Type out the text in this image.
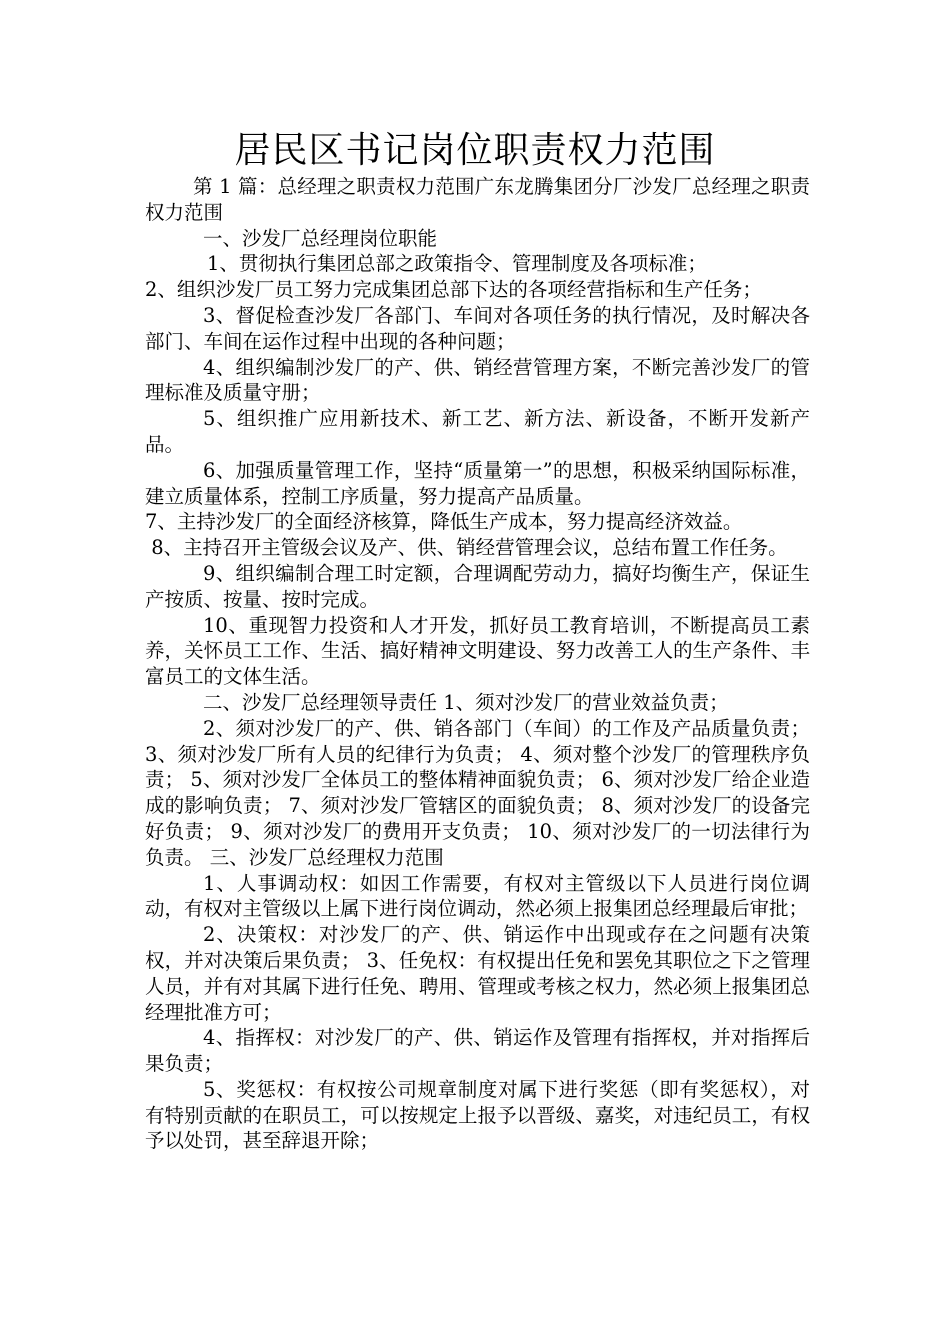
居民区书记岗位职责权力范围

第 1 篇：总经理之职责权力范围广东龙腾集团分厂沙发厂总经理之职责权力范围

一、沙发厂总经理岗位职能

1、贯彻执行集团总部之政策指令、管理制度及各项标准；

2、组织沙发厂员工努力完成集团总部下达的各项经营指标和生产任务；

3、督促检查沙发厂各部门、车间对各项任务的执行情况，及时解决各部门、车间在运作过程中出现的各种问题；

4、组织编制沙发厂的产、供、销经营管理方案，不断完善沙发厂的管理标准及质量守册；

5、组织推广应用新技术、新工艺、新方法、新设备，不断开发新产品。

6、加强质量管理工作，坚持“质量第一”的思想，积极采纳国际标准，建立质量体系，控制工序质量，努力提高产品质量。

7、主持沙发厂的全面经济核算，降低生产成本，努力提高经济效益。

8、主持召开主管级会议及产、供、销经营管理会议，总结布置工作任务。

9、组织编制合理工时定额，合理调配劳动力，搞好均衡生产，保证生产按质、按量、按时完成。

10、重现智力投资和人才开发，抓好员工教育培训，不断提高员工素养，关怀员工工作、生活、搞好精神文明建设、努力改善工人的生产条件、丰富员工的文体生活。

二、沙发厂总经理领导责任 1、须对沙发厂的营业效益负责；

2、须对沙发厂的产、供、销各部门（车间）的工作及产品质量负责； 3、须对沙发厂所有人员的纪律行为负责； 4、须对整个沙发厂的管理秩序负责； 5、须对沙发厂全体员工的整体精神面貌负责； 6、须对沙发厂给企业造成的影响负责； 7、须对沙发厂管辖区的面貌负责； 8、须对沙发厂的设备完好负责； 9、须对沙发厂的费用开支负责； 10、须对沙发厂的一切法律行为负责。 三、沙发厂总经理权力范围

1、人事调动权：如因工作需要，有权对主管级以下人员进行岗位调动，有权对主管级以上属下进行岗位调动，然必须上报集团总经理最后审批；

2、决策权：对沙发厂的产、供、销运作中出现或存在之问题有决策权，并对决策后果负责； 3、任免权：有权提出任免和罢免其职位之下之管理人员，并有对其属下进行任免、聘用、管理或考核之权力，然必须上报集团总经理批准方可；

4、指挥权：对沙发厂的产、供、销运作及管理有指挥权，并对指挥后果负责；

5、奖惩权：有权按公司规章制度对属下进行奖惩（即有奖惩权），对有特别贡献的在职员工，可以按规定上报予以晋级、嘉奖，对违纪员工，有权予以处罚，甚至辞退开除；
